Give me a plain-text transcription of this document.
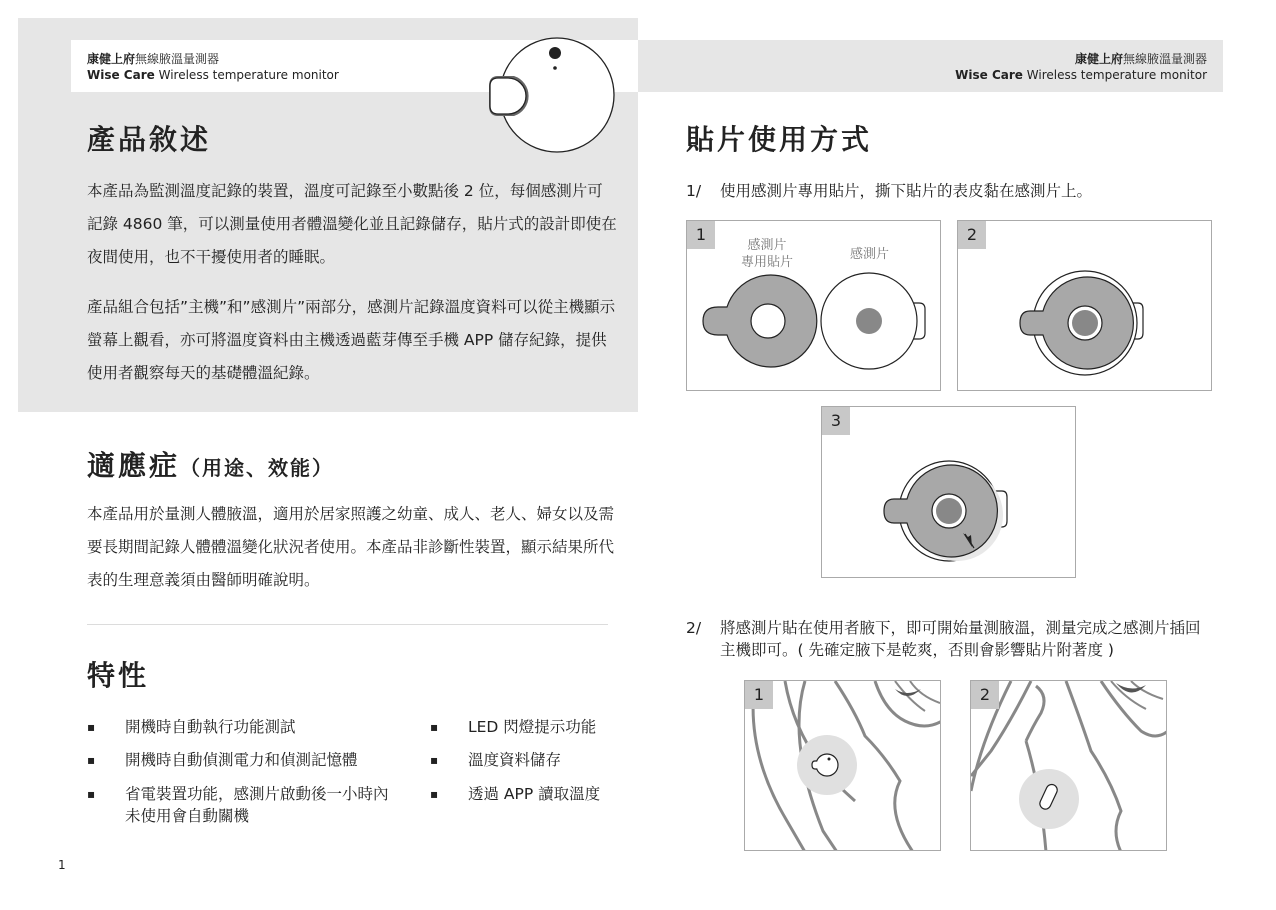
康健上府無線腋溫量測器
Wise Care Wireless temperature monitor
康健上府無線腋溫量測器
Wise Care Wireless temperature monitor
產品敘述
本產品為監測溫度記錄的裝置，溫度可記錄至小數點後 2 位，每個感測片可記錄 4860 筆，可以測量使用者體溫變化並且記錄儲存，貼片式的設計即使在夜間使用，也不干擾使用者的睡眠。
產品組合包括”主機”和”感測片”兩部分，感測片記錄溫度資料可以從主機顯示螢幕上觀看，亦可將溫度資料由主機透過藍芽傳至手機 APP 儲存紀錄，提供使用者觀察每天的基礎體溫紀錄。
適應症（用途、效能）
本產品用於量測人體腋溫，適用於居家照護之幼童、成人、老人、婦女以及需要長期間記錄人體體溫變化狀況者使用。本產品非診斷性裝置，顯示結果所代表的生理意義須由醫師明確說明。
特性
▪ 開機時自動執行功能測試
▪ 開機時自動偵測電力和偵測記憶體
▪ 省電裝置功能，感測片啟動後一小時內未使用會自動關機
▪ LED 閃燈提示功能
▪ 溫度資料儲存
▪ 透過 APP 讀取溫度
1
貼片使用方式
1/ 使用感測片專用貼片，撕下貼片的表皮黏在感測片上。
1
感測片
專用貼片
感測片
2
3
2/ 將感測片貼在使用者腋下，即可開始量測腋溫，測量完成之感測片插回主機即可。( 先確定腋下是乾爽，否則會影響貼片附著度 )
1	2
